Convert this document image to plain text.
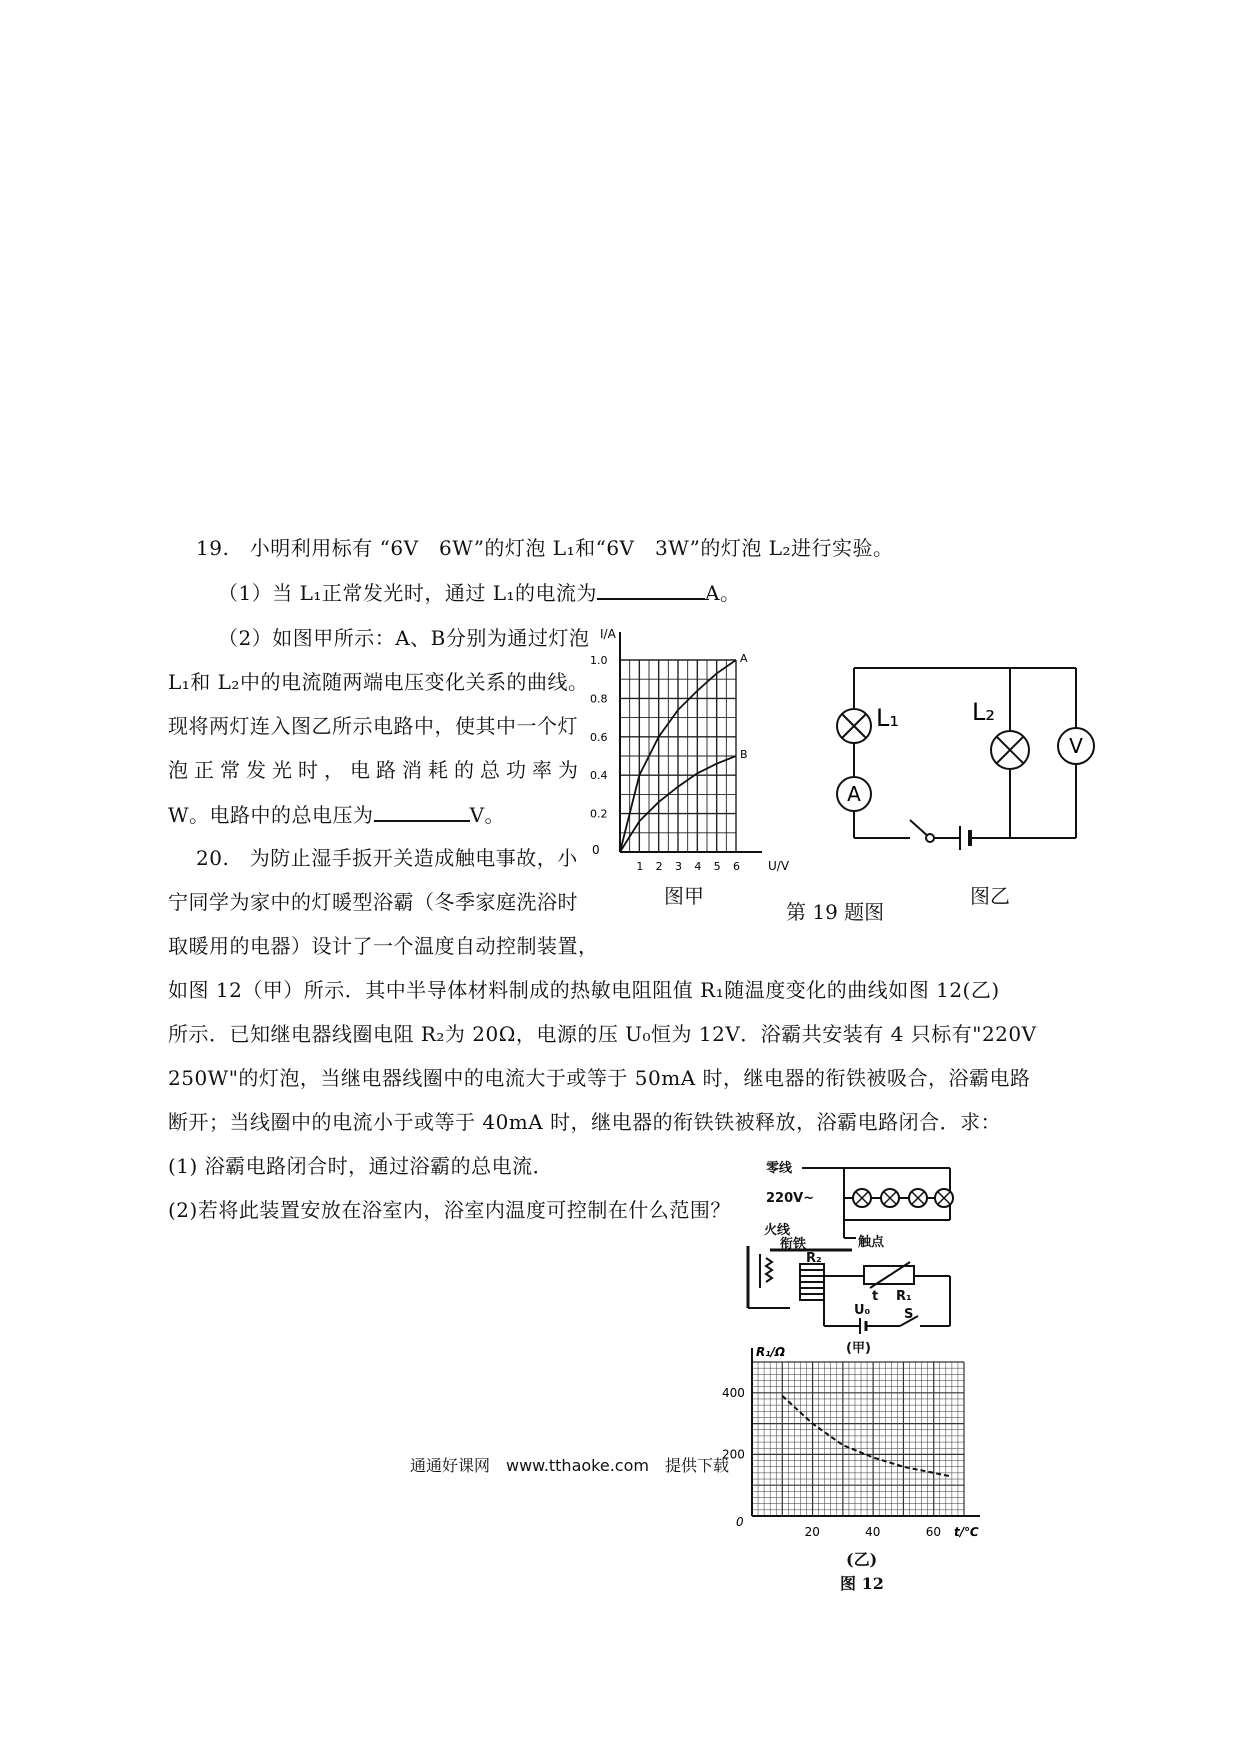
19.　小明利用标有 “6V　6W”的灯泡 L₁和“6V　3W”的灯泡 L₂进行实验。
（1）当 L₁正常发光时，通过 L₁的电流为	A。
（2）如图甲所示：A、B分别为通过灯泡
L₁和 L₂中的电流随两端电压变化关系的曲线。
现将两灯连入图乙所示电路中，使其中一个灯
泡正常发光时，电路消耗的总功率为
W。电路中的总电压为	V。
I/A
U/V
0
0.2
0.4
0.6
0.8
1.0
1 2 3 4 5 6
A
B
图甲
A
V
L₁	L₂
图乙
第 19 题图
20.　为防止湿手扳开关造成触电事故，小
宁同学为家中的灯暖型浴霸（冬季家庭洗浴时
取暖用的电器）设计了一个温度自动控制装置，
如图 12（甲）所示．其中半导体材料制成的热敏电阻阻值 R₁随温度变化的曲线如图 12(乙)
所示．已知继电器线圈电阻 R₂为 20Ω，电源的压 U₀恒为 12V．浴霸共安装有 4 只标有"220V
250W"的灯泡，当继电器线圈中的电流大于或等于 50mA 时，继电器的衔铁被吸合，浴霸电路
断开；当线圈中的电流小于或等于 40mA 时，继电器的衔铁铁被释放，浴霸电路闭合．求：
(1) 浴霸电路闭合时，通过浴霸的总电流．
(2)若将此装置安放在浴室内，浴室内温度可控制在什么范围？
零线
220V~
火线
衔铁	触点
R₂
t R₁
U₀	S
(甲)
R₁/Ω
t/℃
0
200
400
20	40	60
(乙)
图 12
通通好课网　www.tthaoke.com　提供下载
